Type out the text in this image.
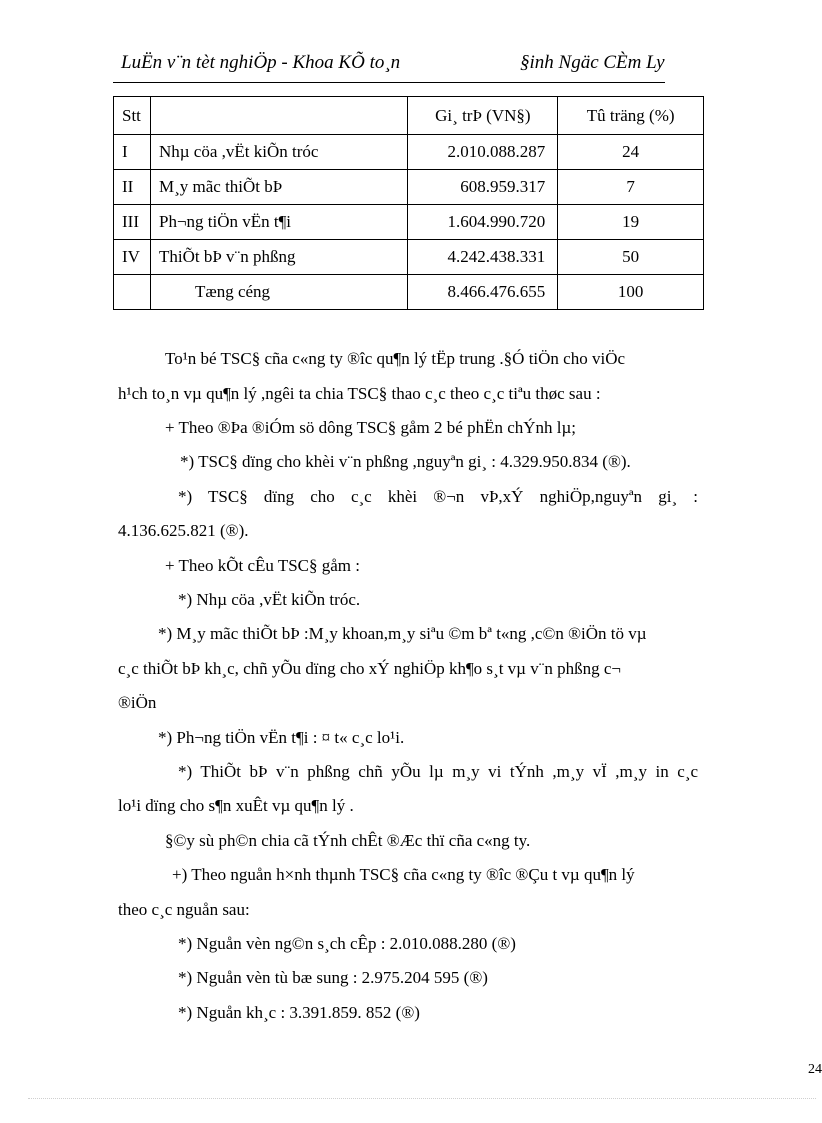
LuËn v¨n tèt nghiÖp - Khoa KÕ to¸n	§inh Ngäc CÈm Ly
Stt		Gi¸ trÞ (VN§)	Tû träng (%)
I	Nhµ cöa ,vËt kiÕn tróc	2.010.088.287	24
II	M¸y mãc thiÕt bÞ	608.959.317	7
III	Ph¬ng tiÖn vËn t¶i	1.604.990.720	19
IV	ThiÕt bÞ v¨n phßng	4.242.438.331	50
	Tæng céng	8.466.476.655	100
To¹n bé TSC§ cña c«ng ty ®îc qu¶n lý tËp trung .§Ó tiÖn cho viÖc
h¹ch to¸n vµ qu¶n lý ,ngêi ta chia TSC§ thao c¸c theo c¸c tiªu thøc sau :
+ Theo ®Þa ®iÓm sö dông TSC§ gåm 2 bé phËn chÝnh lµ;
*) TSC§ dïng cho khèi v¨n phßng ,nguyªn gi¸ : 4.329.950.834 (®).
*) TSC§ dïng cho c¸c khèi ®¬n vÞ,xÝ nghiÖp,nguyªn gi¸ :
4.136.625.821 (®).
+ Theo kÕt cÊu TSC§ gåm :
*) Nhµ cöa ,vËt kiÕn tróc.
*) M¸y mãc thiÕt bÞ :M¸y khoan,m¸y siªu ©m bª t«ng ,c©n ®iÖn tö vµ
c¸c thiÕt bÞ kh¸c, chñ yÕu dïng cho xÝ nghiÖp kh¶o s¸t vµ v¨n phßng c¬
®iÖn
*) Ph¬ng tiÖn vËn t¶i : ¤ t« c¸c lo¹i.
*) ThiÕt bÞ v¨n phßng chñ yÕu lµ m¸y vi tÝnh ,m¸y vÏ ,m¸y in c¸c
lo¹i dïng cho s¶n xuÊt vµ qu¶n lý .
§©y sù ph©n chia cã tÝnh chÊt ®Æc thï cña c«ng ty.
+) Theo nguån h×nh thµnh TSC§ cña c«ng ty ®îc ®Çu t vµ qu¶n lý
theo c¸c nguån sau:
*) Nguån vèn ng©n s¸ch cÊp : 2.010.088.280 (®)
*) Nguån vèn tù bæ sung : 2.975.204 595 (®)
*) Nguån kh¸c : 3.391.859. 852 (®)
24
